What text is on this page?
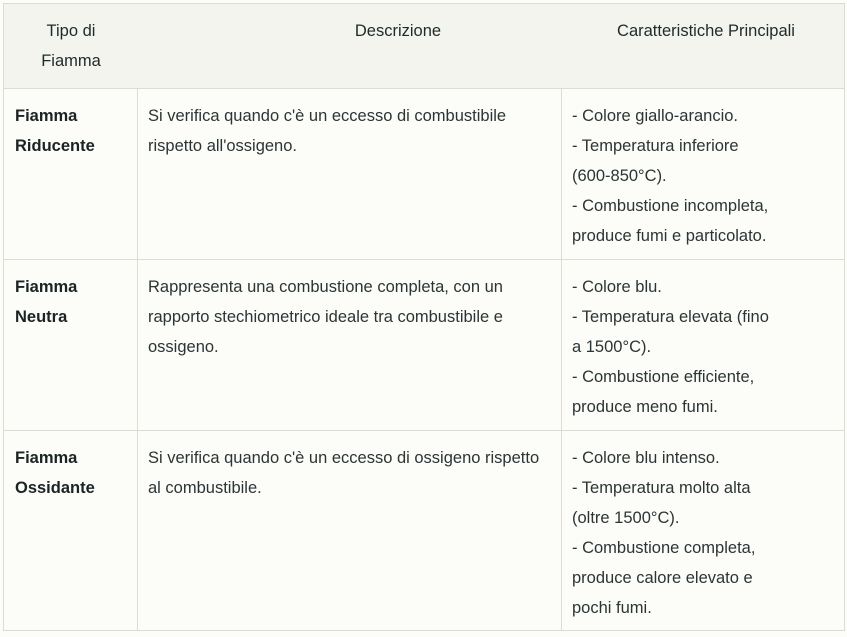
Tipo di
Fiamma
Descrizione	Caratteristiche Principali
Fiamma
Riducente
Si verifica quando c'è un eccesso di combustibile rispetto all'ossigeno.
- Colore giallo-arancio.
- Temperatura inferiore
(600-850°C).
- Combustione incompleta,
produce fumi e particolato.
Fiamma
Neutra
Rappresenta una combustione completa, con un rapporto stechiometrico ideale tra combustibile e ossigeno.
- Colore blu.
- Temperatura elevata (fino
a 1500°C).
- Combustione efficiente,
produce meno fumi.
Fiamma
Ossidante
Si verifica quando c'è un eccesso di ossigeno rispetto al combustibile.
- Colore blu intenso.
- Temperatura molto alta
(oltre 1500°C).
- Combustione completa,
produce calore elevato e
pochi fumi.
